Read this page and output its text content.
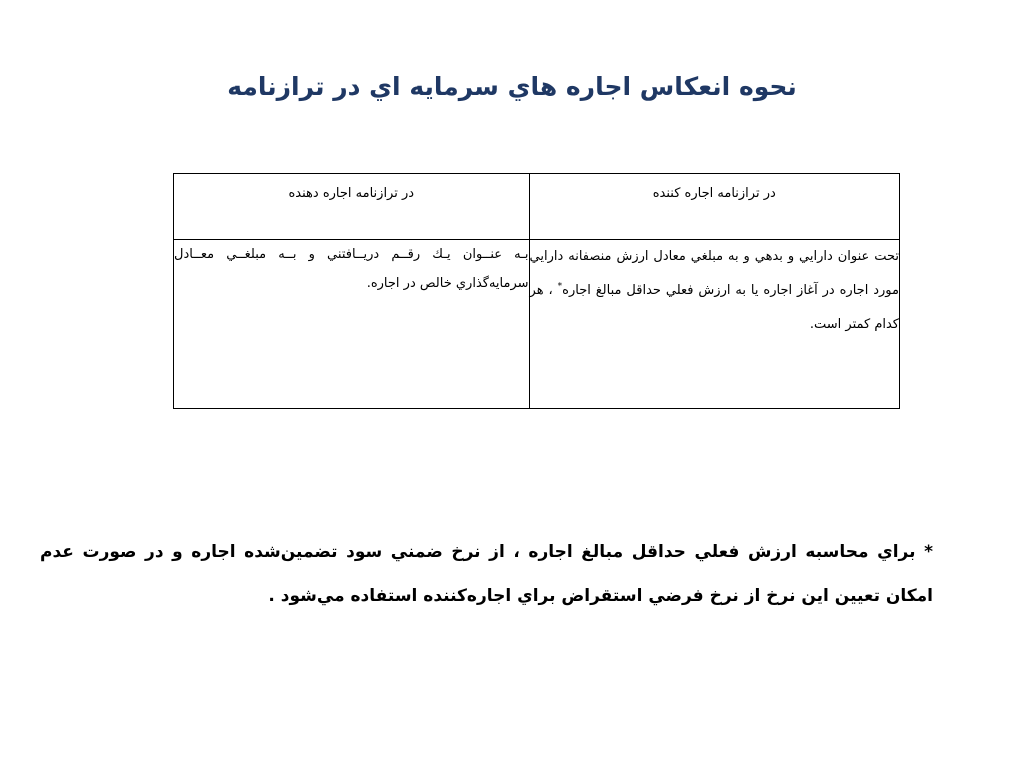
نحوه انعكاس اجاره هاي سرمايه اي در ترازنامه
در ترازنامه اجاره كننده	در ترازنامه اجاره دهنده

تحت عنوان دارايي و بدهي و به مبلغي معادل ارزش منصفانه دارايي مورد اجاره در آغاز اجاره يا به ارزش فعلي حداقل مبالغ اجاره* ، هر كدام كمتر است.	بـه عنــوان يـك رقــم دريــافتني و بــه مبلغــي معــادل سرمايه‌گذاري خالص در اجاره.

* براي محاسبه ارزش فعلي حداقل مبالغ اجاره ، از نرخ ضمني سود تضمين‌شده اجاره و در صورت عدم امكان تعيين اين نرخ از نرخ فرضي استقراض براي اجاره‌كننده استفاده مي‌شود .
